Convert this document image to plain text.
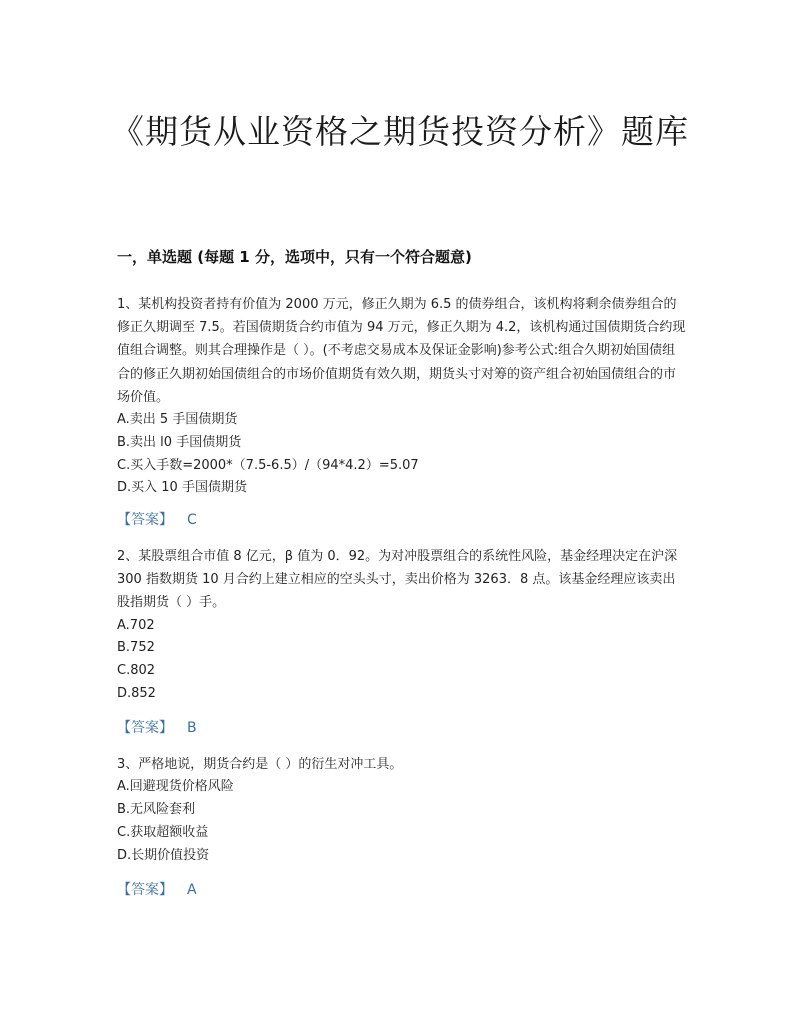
《期货从业资格之期货投资分析》题库
一，单选题 (每题 1 分，选项中，只有一个符合题意)

1、某机构投资者持有价值为 2000 万元，修正久期为 6.5 的债券组合，该机构将剩余债券组合的修正久期调至 7.5。若国债期货合约市值为 94 万元，修正久期为 4.2，该机构通过国债期货合约现值组合调整。则其合理操作是（ ）。(不考虑交易成本及保证金影响)参考公式:组合久期初始国债组合的修正久期初始国债组合的市场价值期货有效久期，期货头寸对筹的资产组合初始国债组合的市场价值。

A.卖出 5 手国债期货

B.卖出 l0 手国债期货

C.买入手数=2000*（7.5-6.5）/（94*4.2）=5.07

D.买入 10 手国债期货

【答案】 C

2、某股票组合市值 8 亿元，β 值为 0．92。为对冲股票组合的系统性风险，基金经理决定在沪深 300 指数期货 10 月合约上建立相应的空头头寸，卖出价格为 3263．8 点。该基金经理应该卖出股指期货（ ）手。

A.702

B.752

C.802

D.852

【答案】 B

3、严格地说，期货合约是（ ）的衍生对冲工具。

A.回避现货价格风险

B.无风险套利

C.获取超额收益

D.长期价值投资

【答案】 A
